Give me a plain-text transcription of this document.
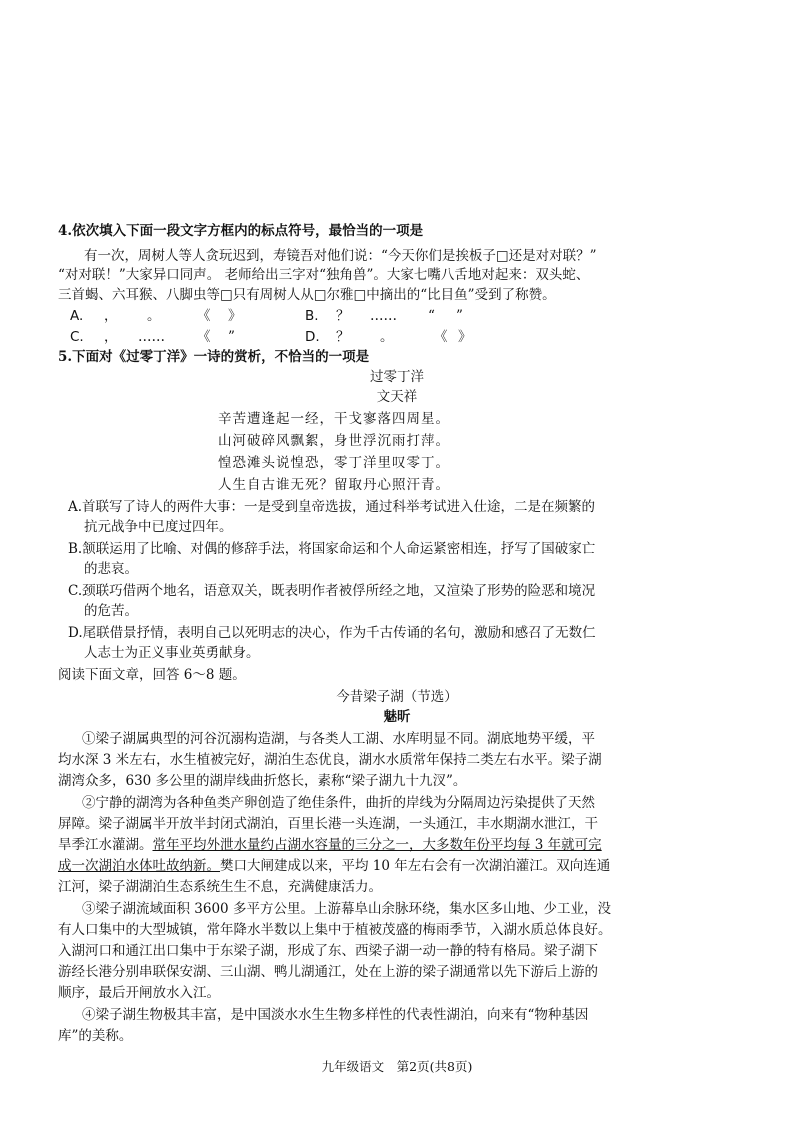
4.依次填入下面一段文字方框内的标点符号，最恰当的一项是
有一次，周树人等人贪玩迟到，寿镜吾对他们说：“今天你们是挨板子□还是对对联？”
“对对联！”大家异口同声。 老师给出三字对“独角兽”。大家七嘴八舌地对起来：双头蛇、
三首蝎、六耳猴、八脚虫等□只有周树人从□尔雅□中摘出的“比目鱼”受到了称赞。
A. ， 。	《 》	B. ？ …… “ ”
C. ， …… 《 ”	D. ？ 。	《 》
5.下面对《过零丁洋》一诗的赏析，不恰当的一项是
过零丁洋
文天祥
辛苦遭逢起一经，干戈寥落四周星。
山河破碎风飘絮，身世浮沉雨打萍。
惶恐滩头说惶恐，零丁洋里叹零丁。
人生自古谁无死？留取丹心照汗青。
A.首联写了诗人的两件大事：一是受到皇帝选拔，通过科举考试进入仕途，二是在频繁的
抗元战争中已度过四年。
B.颔联运用了比喻、对偶的修辞手法，将国家命运和个人命运紧密相连，抒写了国破家亡
的悲哀。
C.颈联巧借两个地名，语意双关，既表明作者被俘所经之地，又渲染了形势的险恶和境况
的危苦。
D.尾联借景抒情，表明自己以死明志的决心，作为千古传诵的名句，激励和感召了无数仁
人志士为正义事业英勇献身。
阅读下面文章，回答 6～8 题。
今昔梁子湖（节选）
魅昕
①梁子湖属典型的河谷沉溺构造湖，与各类人工湖、水库明显不同。湖底地势平缓，平
均水深 3 米左右，水生植被完好，湖泊生态优良，湖水水质常年保持二类左右水平。梁子湖
湖湾众多，630 多公里的湖岸线曲折悠长，素称“梁子湖九十九汊”。
②宁静的湖湾为各种鱼类产卵创造了绝佳条件，曲折的岸线为分隔周边污染提供了天然
屏障。梁子湖属半开放半封闭式湖泊，百里长港一头连湖，一头通江，丰水期湖水泄江，干
旱季江水灌湖。常年平均外泄水量约占湖水容量的三分之一，大多数年份平均每 3 年就可完
成一次湖泊水体吐故纳新。樊口大闸建成以来，平均 10 年左右会有一次湖泊灌江。双向连通
江河，梁子湖湖泊生态系统生生不息，充满健康活力。
③梁子湖流域面积 3600 多平方公里。上游幕阜山余脉环绕，集水区多山地、少工业，没
有人口集中的大型城镇，常年降水半数以上集中于植被茂盛的梅雨季节，入湖水质总体良好。
入湖河口和通江出口集中于东梁子湖，形成了东、西梁子湖一动一静的特有格局。梁子湖下
游经长港分别串联保安湖、三山湖、鸭儿湖通江，处在上游的梁子湖通常以先下游后上游的
顺序，最后开闸放水入江。
④梁子湖生物极其丰富，是中国淡水水生生物多样性的代表性湖泊，向来有“物种基因
库”的美称。
九年级语文　第2页(共8页)
